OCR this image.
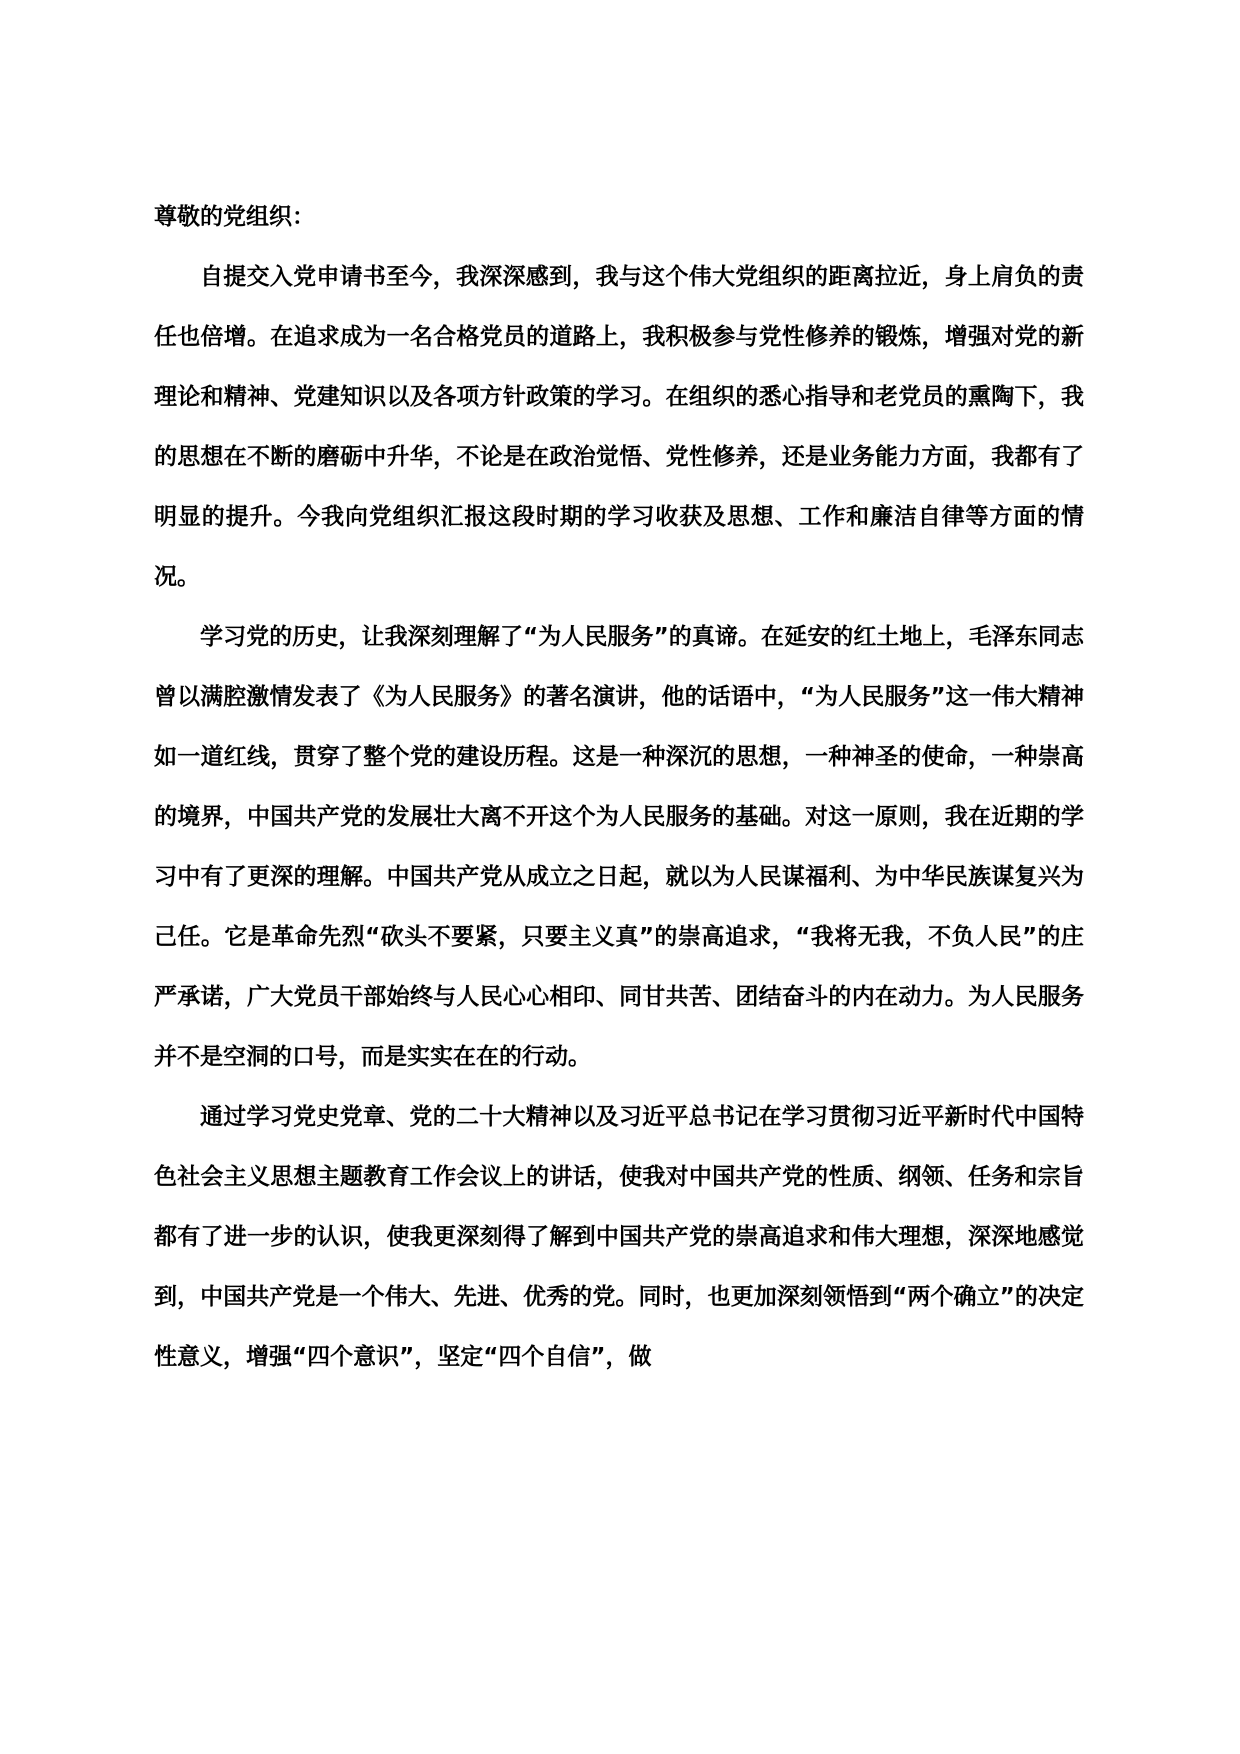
尊敬的党组织：

自提交入党申请书至今，我深深感到，我与这个伟大党组织的距离拉近，身上肩负的责任也倍增。在追求成为一名合格党员的道路上，我积极参与党性修养的锻炼，增强对党的新理论和精神、党建知识以及各项方针政策的学习。在组织的悉心指导和老党员的熏陶下，我的思想在不断的磨砺中升华，不论是在政治觉悟、党性修养，还是业务能力方面，我都有了明显的提升。今我向党组织汇报这段时期的学习收获及思想、工作和廉洁自律等方面的情况。

学习党的历史，让我深刻理解了“为人民服务”的真谛。在延安的红土地上，毛泽东同志曾以满腔激情发表了《为人民服务》的著名演讲，他的话语中，“为人民服务”这一伟大精神如一道红线，贯穿了整个党的建设历程。这是一种深沉的思想，一种神圣的使命，一种崇高的境界，中国共产党的发展壮大离不开这个为人民服务的基础。对这一原则，我在近期的学习中有了更深的理解。中国共产党从成立之日起，就以为人民谋福利、为中华民族谋复兴为己任。它是革命先烈“砍头不要紧，只要主义真”的崇高追求，“我将无我，不负人民”的庄严承诺，广大党员干部始终与人民心心相印、同甘共苦、团结奋斗的内在动力。为人民服务并不是空洞的口号，而是实实在在的行动。

通过学习党史党章、党的二十大精神以及习近平总书记在学习贯彻习近平新时代中国特色社会主义思想主题教育工作会议上的讲话，使我对中国共产党的性质、纲领、任务和宗旨都有了进一步的认识，使我更深刻得了解到中国共产党的崇高追求和伟大理想，深深地感觉到，中国共产党是一个伟大、先进、优秀的党。同时，也更加深刻领悟到“两个确立”的决定性意义，增强“四个意识”，坚定“四个自信”，做
